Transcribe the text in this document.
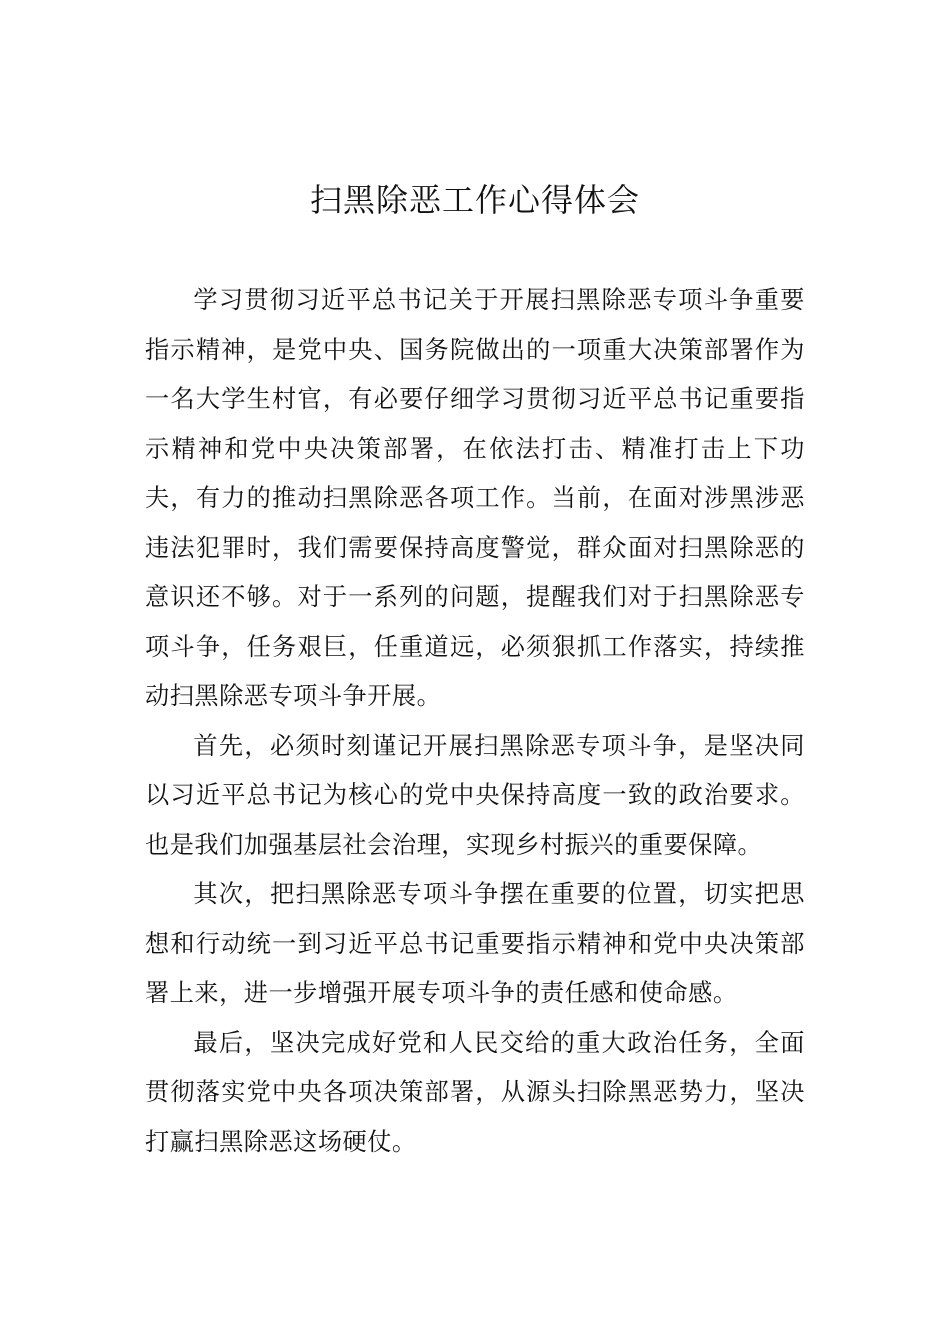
扫黑除恶工作心得体会

学习贯彻习近平总书记关于开展扫黑除恶专项斗争重要指示精神，是党中央、国务院做出的一项重大决策部署作为一名大学生村官，有必要仔细学习贯彻习近平总书记重要指示精神和党中央决策部署，在依法打击、精准打击上下功夫，有力的推动扫黑除恶各项工作。当前，在面对涉黑涉恶违法犯罪时，我们需要保持高度警觉，群众面对扫黑除恶的意识还不够。对于一系列的问题，提醒我们对于扫黑除恶专项斗争，任务艰巨，任重道远，必须狠抓工作落实，持续推动扫黑除恶专项斗争开展。

首先，必须时刻谨记开展扫黑除恶专项斗争，是坚决同以习近平总书记为核心的党中央保持高度一致的政治要求。也是我们加强基层社会治理，实现乡村振兴的重要保障。

其次，把扫黑除恶专项斗争摆在重要的位置，切实把思想和行动统一到习近平总书记重要指示精神和党中央决策部署上来，进一步增强开展专项斗争的责任感和使命感。

最后，坚决完成好党和人民交给的重大政治任务，全面贯彻落实党中央各项决策部署，从源头扫除黑恶势力，坚决打赢扫黑除恶这场硬仗。
